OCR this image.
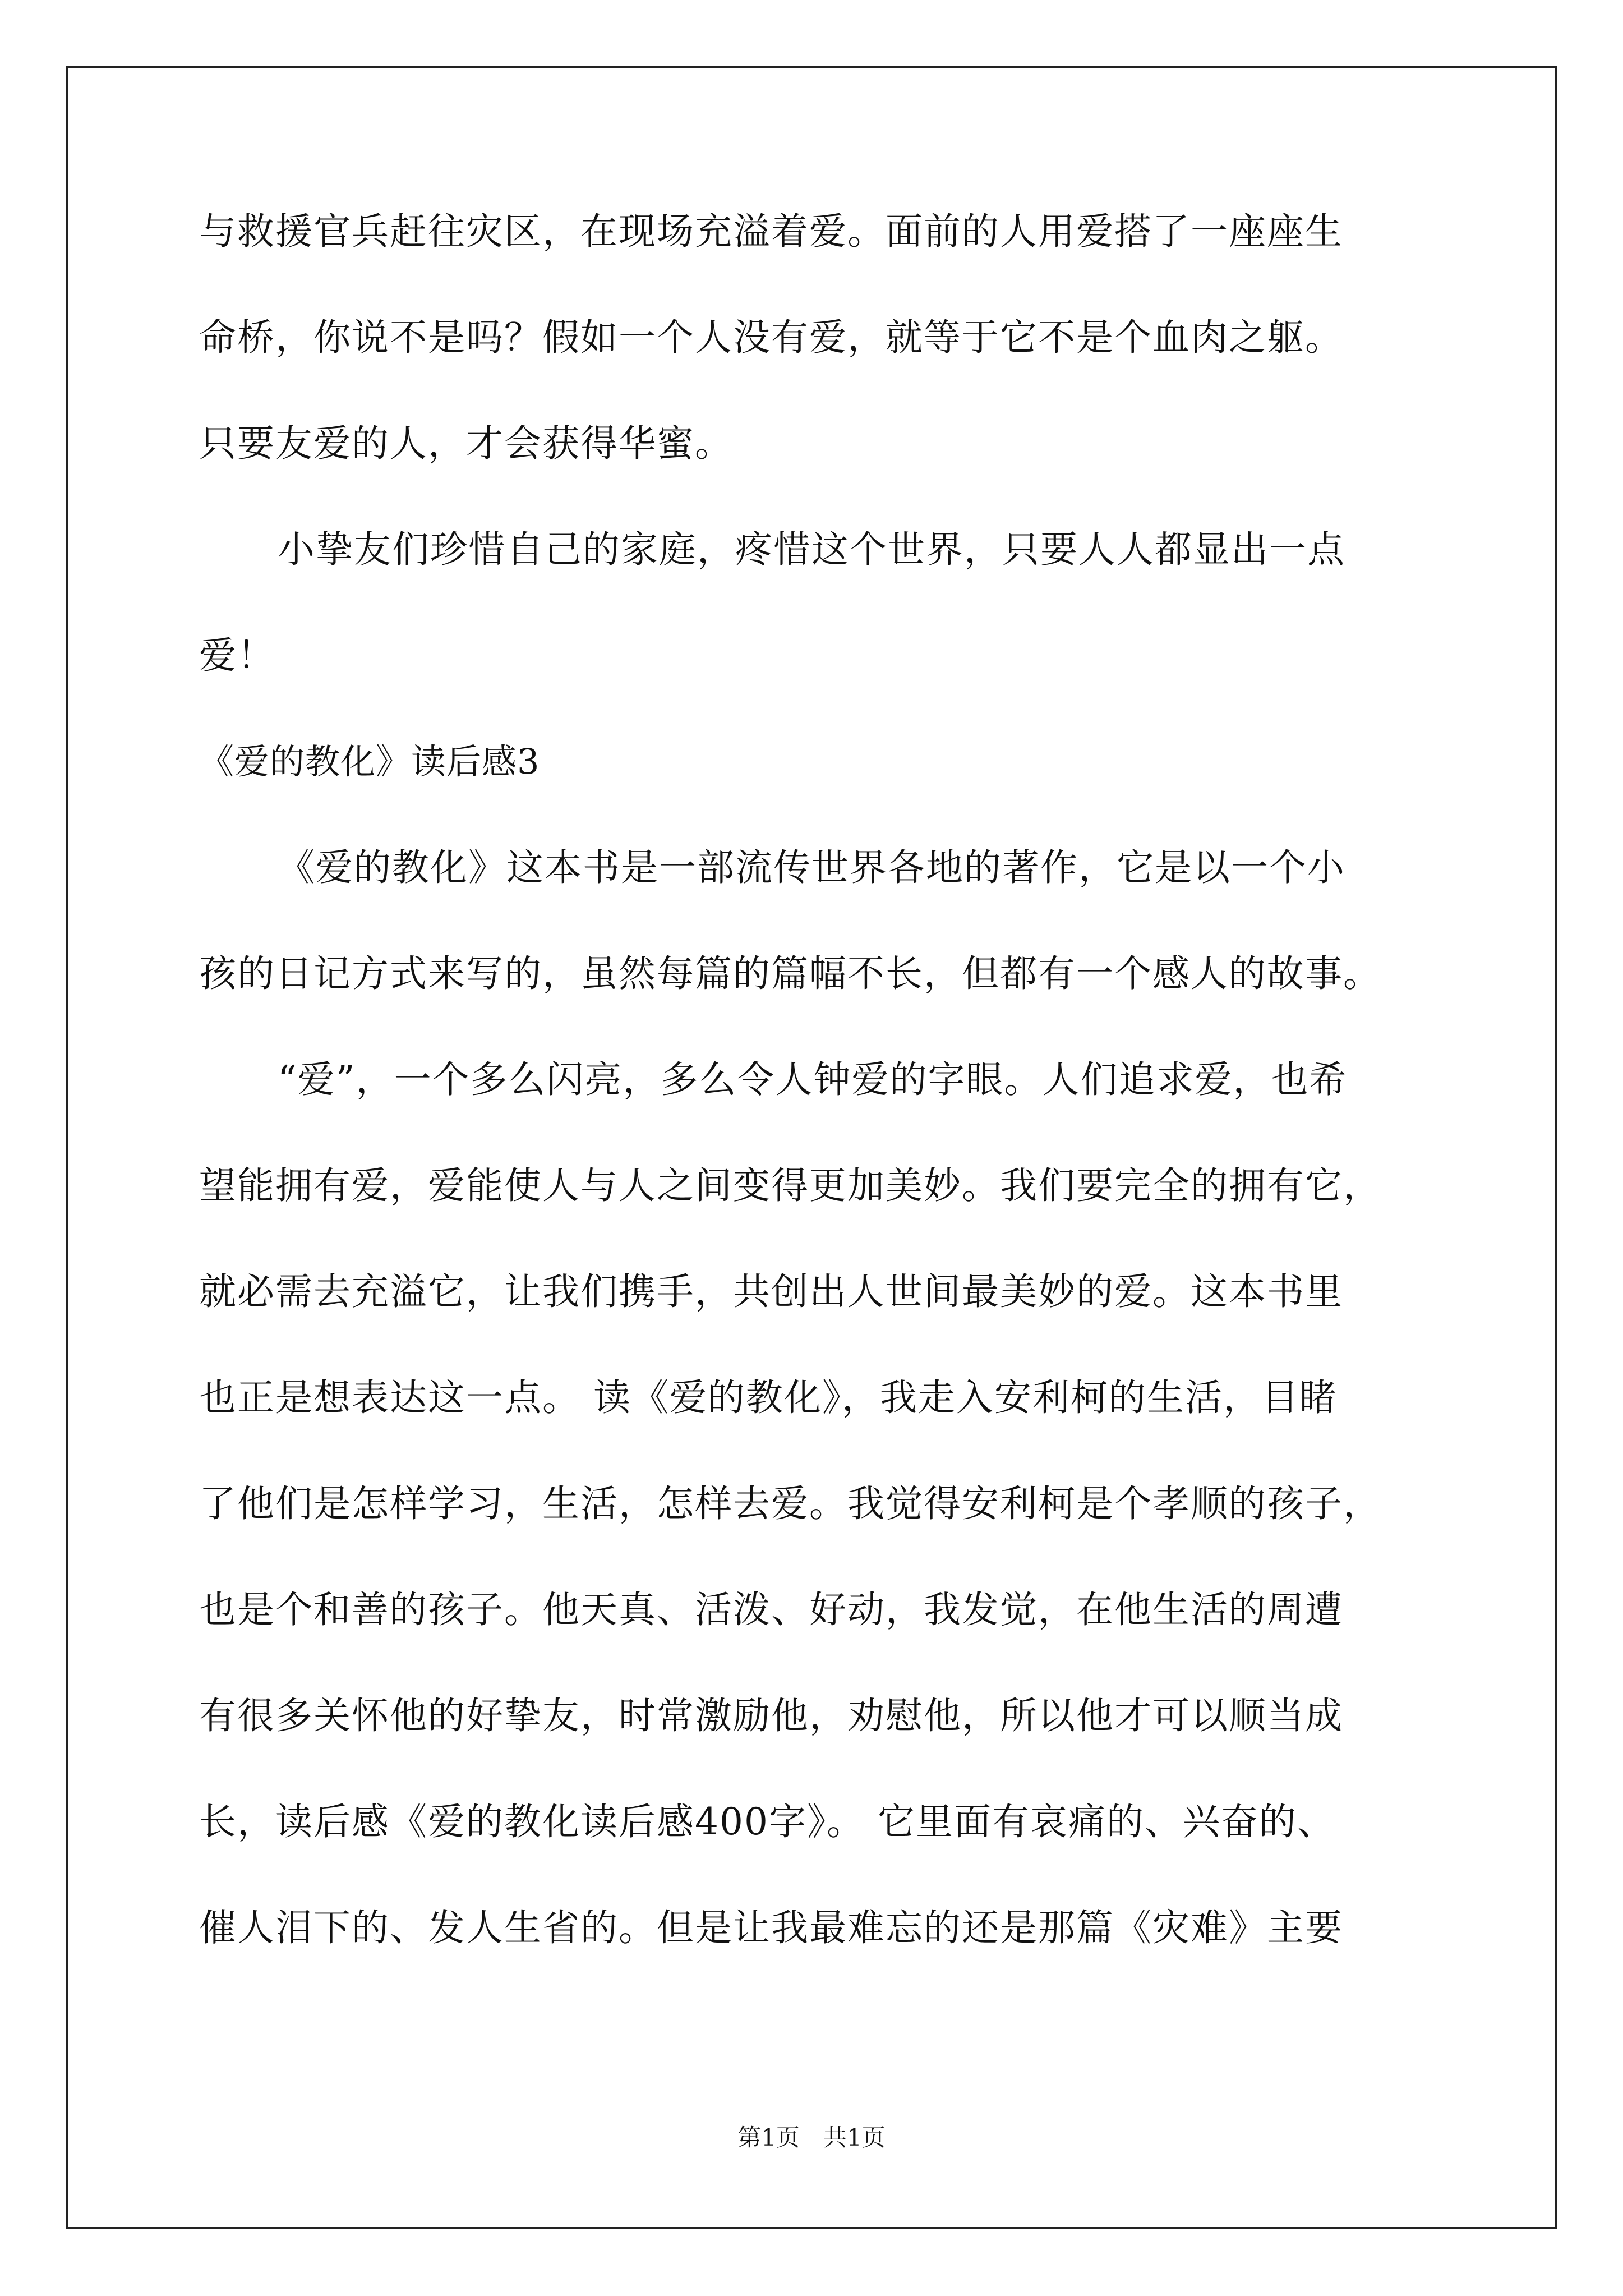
与救援官兵赶往灾区，在现场充溢着爱。面前的人用爱搭了一座座生
命桥，你说不是吗？假如一个人没有爱，就等于它不是个血肉之躯。
只要友爱的人，才会获得华蜜。
小挚友们珍惜自己的家庭，疼惜这个世界，只要人人都显出一点
爱！
《爱的教化》读后感3
《爱的教化》这本书是一部流传世界各地的著作，它是以一个小
孩的日记方式来写的，虽然每篇的篇幅不长，但都有一个感人的故事。
“爱”，一个多么闪亮，多么令人钟爱的字眼。人们追求爱，也希
望能拥有爱，爱能使人与人之间变得更加美妙。我们要完全的拥有它，
就必需去充溢它，让我们携手，共创出人世间最美妙的爱。这本书里
也正是想表达这一点。 读《爱的教化》，我走入安利柯的生活，目睹
了他们是怎样学习，生活，怎样去爱。我觉得安利柯是个孝顺的孩子，
也是个和善的孩子。他天真、活泼、好动，我发觉，在他生活的周遭
有很多关怀他的好挚友，时常激励他，劝慰他，所以他才可以顺当成
长，读后感《爱的教化读后感400字》。 它里面有哀痛的、兴奋的、
催人泪下的、发人生省的。但是让我最难忘的还是那篇《灾难》主要
第1页　共1页
